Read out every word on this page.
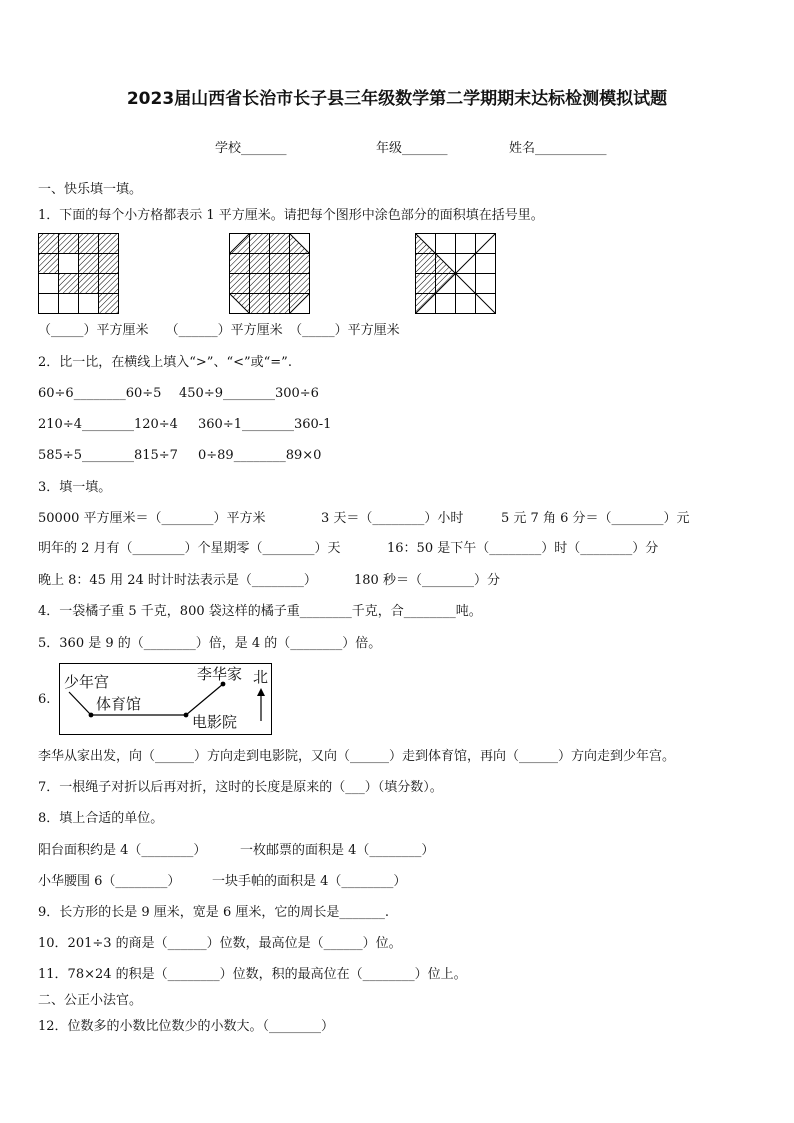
2023届山西省长治市长子县三年级数学第二学期期末达标检测模拟试题
学校_______	年级_______	姓名___________
一、快乐填一填。
1．下面的每个小方格都表示 1 平方厘米。请把每个图形中涂色部分的面积填在括号里。
（_____）平方厘米　 （______）平方厘米　（_____）平方厘米
2．比一比，在横线上填入“>”、“<”或“=”.
60÷6________60÷5 450÷9________300÷6
210÷4________120÷4 360÷1________360-1
585÷5________815÷7 0÷89________89×0
3．填一填。
50000 平方厘米＝（________）平方米	3 天＝（________）小时	5 元 7 角 6 分＝（________）元
明年的 2 月有（________）个星期零（________）天	16：50 是下午（________）时（________）分
晚上 8：45 用 24 时计时法表示是（________）	180 秒＝（________）分
4．一袋橘子重 5 千克，800 袋这样的橘子重________千克，合________吨。
5．360 是 9 的（________）倍，是 4 的（________）倍。
6.
少年宫
体育馆
李华家
电影院
北
李华从家出发，向（______）方向走到电影院，又向（______）走到体育馆，再向（______）方向走到少年宫。
7．一根绳子对折以后再对折，这时的长度是原来的（___）（填分数）。
8．填上合适的单位。
阳台面积约是 4（________）	一枚邮票的面积是 4（________）
小华腰围 6（________） 一块手帕的面积是 4（________）
9．长方形的长是 9 厘米，宽是 6 厘米，它的周长是_______.
10．201÷3 的商是（______）位数，最高位是（______）位。
11．78×24 的积是（________）位数，积的最高位在（________）位上。
二、公正小法官。
12．位数多的小数比位数少的小数大。（________）
